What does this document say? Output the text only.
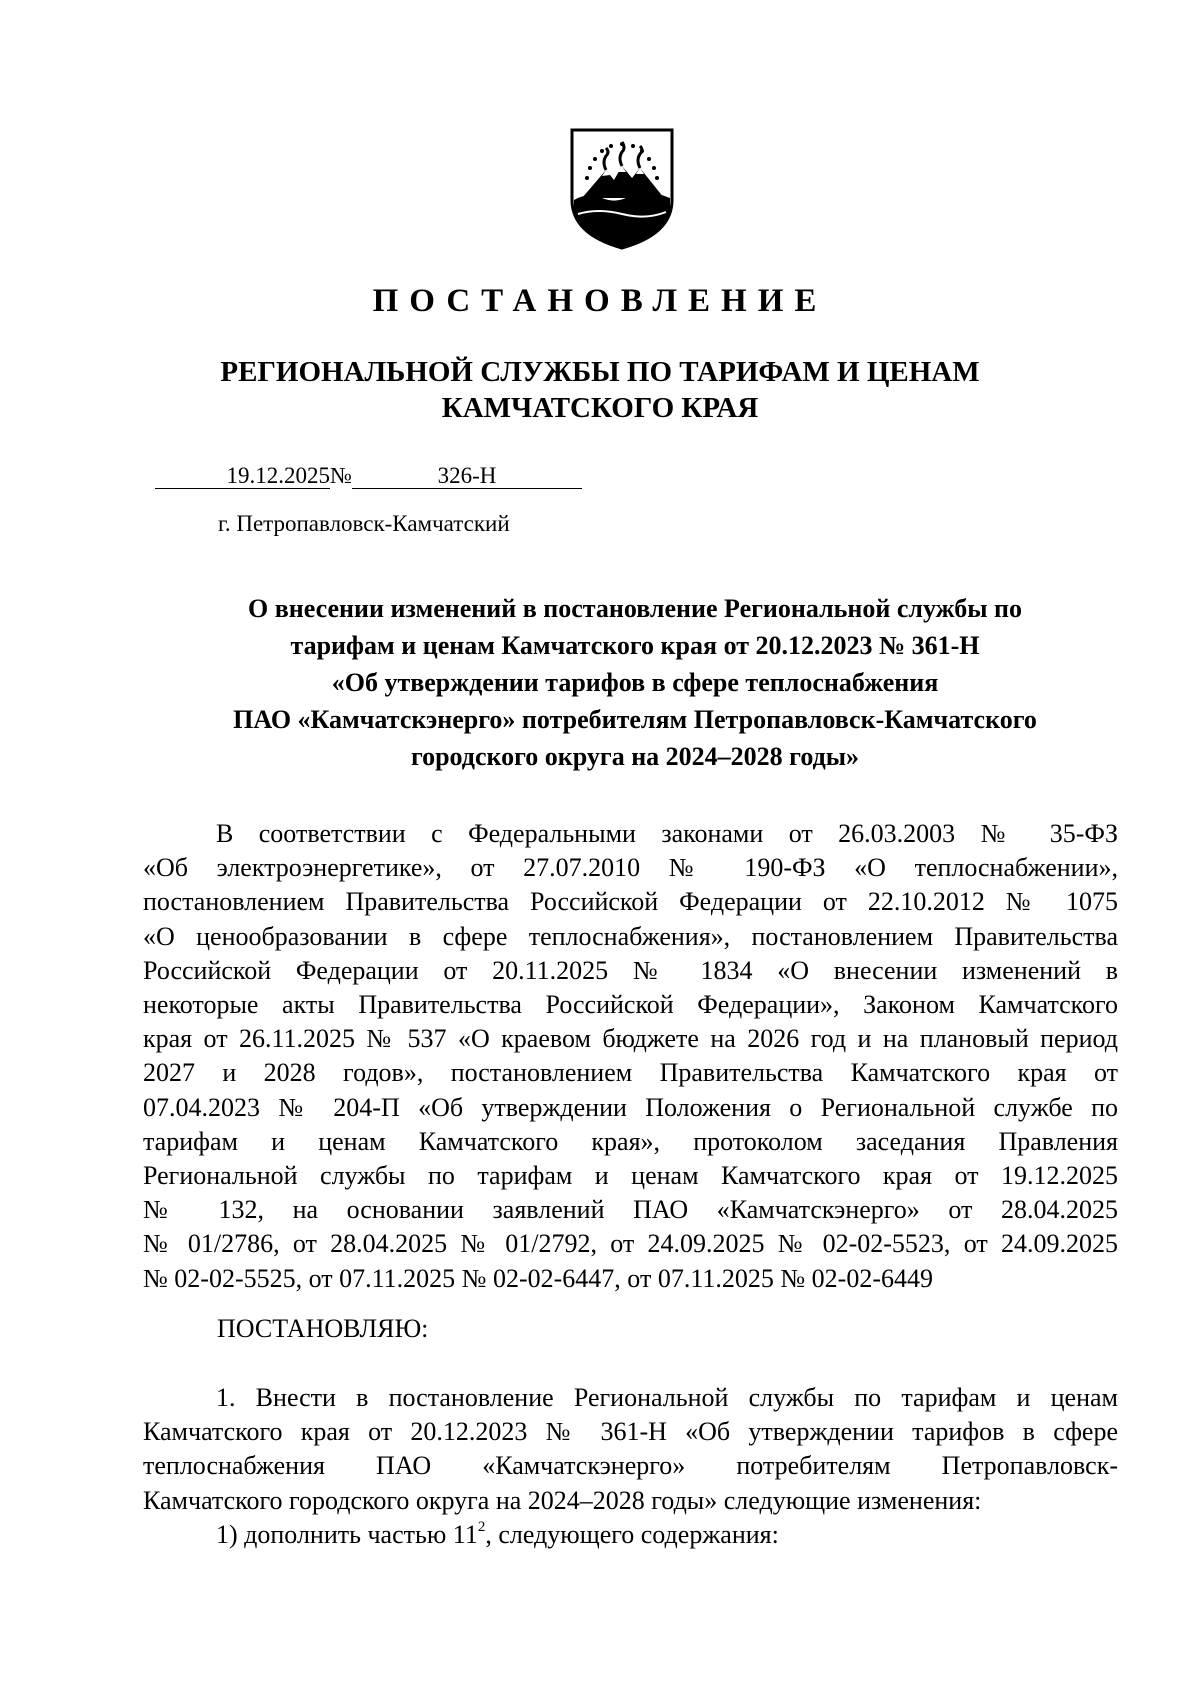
ПОСТАНОВЛЕНИЕ
РЕГИОНАЛЬНОЙ СЛУЖБЫ ПО ТАРИФАМ И ЦЕНАМ
КАМЧАТСКОГО КРАЯ
19.12.2025№	326-Н
г. Петропавловск-Камчатский
О внесении изменений в постановление Региональной службы по
тарифам и ценам Камчатского края от 20.12.2023 № 361-Н
«Об утверждении тарифов в сфере теплоснабжения
ПАО «Камчатскэнерго» потребителям Петропавловск-Камчатского
городского округа на 2024–2028 годы»
В соответствии с Федеральными законами от 26.03.2003 № 35-ФЗ
«Об электроэнергетике», от 27.07.2010 № 190-ФЗ «О теплоснабжении»,
постановлением Правительства Российской Федерации от 22.10.2012 № 1075
«О ценообразовании в сфере теплоснабжения», постановлением Правительства
Российской Федерации от 20.11.2025 № 1834 «О внесении изменений в
некоторые акты Правительства Российской Федерации», Законом Камчатского
края от 26.11.2025 № 537 «О краевом бюджете на 2026 год и на плановый период
2027 и 2028 годов», постановлением Правительства Камчатского края от
07.04.2023 № 204-П «Об утверждении Положения о Региональной службе по
тарифам и ценам Камчатского края», протоколом заседания Правления
Региональной службы по тарифам и ценам Камчатского края от 19.12.2025
№ 132, на основании заявлений ПАО «Камчатскэнерго» от 28.04.2025
№ 01/2786, от 28.04.2025 № 01/2792, от 24.09.2025 № 02-02-5523, от 24.09.2025
№ 02-02-5525, от 07.11.2025 № 02-02-6447, от 07.11.2025 № 02-02-6449
ПОСТАНОВЛЯЮ:
1. Внести в постановление Региональной службы по тарифам и ценам
Камчатского края от 20.12.2023 № 361-Н «Об утверждении тарифов в сфере
теплоснабжения ПАО «Камчатскэнерго» потребителям Петропавловск-
Камчатского городского округа на 2024–2028 годы» следующие изменения:
1) дополнить частью $11^2$, следующего содержания:
